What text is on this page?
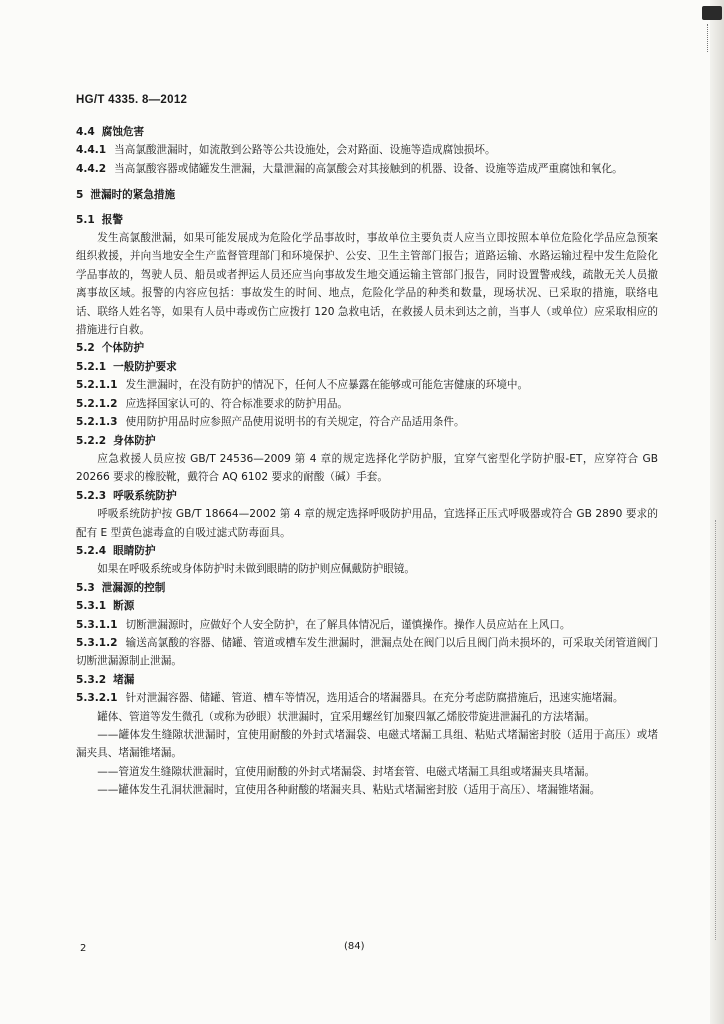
HG/T 4335. 8—2012

4.4 腐蚀危害

4.4.1 当高氯酸泄漏时，如流散到公路等公共设施处，会对路面、设施等造成腐蚀损坏。

4.4.2 当高氯酸容器或储罐发生泄漏，大量泄漏的高氯酸会对其接触到的机器、设备、设施等造成严重腐蚀和氧化。

5 泄漏时的紧急措施

5.1 报警

发生高氯酸泄漏，如果可能发展成为危险化学品事故时，事故单位主要负责人应当立即按照本单位危险化学品应急预案组织救援，并向当地安全生产监督管理部门和环境保护、公安、卫生主管部门报告；道路运输、水路运输过程中发生危险化学品事故的，驾驶人员、船员或者押运人员还应当向事故发生地交通运输主管部门报告，同时设置警戒线，疏散无关人员撤离事故区域。报警的内容应包括：事故发生的时间、地点，危险化学品的种类和数量，现场状况、已采取的措施，联络电话、联络人姓名等，如果有人员中毒或伤亡应拨打 120 急救电话，在救援人员未到达之前，当事人（或单位）应采取相应的措施进行自救。

5.2 个体防护

5.2.1 一般防护要求

5.2.1.1 发生泄漏时，在没有防护的情况下，任何人不应暴露在能够或可能危害健康的环境中。

5.2.1.2 应选择国家认可的、符合标准要求的防护用品。

5.2.1.3 使用防护用品时应参照产品使用说明书的有关规定，符合产品适用条件。

5.2.2 身体防护

应急救援人员应按 GB/T 24536—2009 第 4 章的规定选择化学防护服，宜穿气密型化学防护服-ET，应穿符合 GB 20266 要求的橡胶靴，戴符合 AQ 6102 要求的耐酸（碱）手套。

5.2.3 呼吸系统防护

呼吸系统防护按 GB/T 18664—2002 第 4 章的规定选择呼吸防护用品，宜选择正压式呼吸器或符合 GB 2890 要求的配有 E 型黄色滤毒盒的自吸过滤式防毒面具。

5.2.4 眼睛防护

如果在呼吸系统或身体防护时未做到眼睛的防护则应佩戴防护眼镜。

5.3 泄漏源的控制

5.3.1 断源

5.3.1.1 切断泄漏源时，应做好个人安全防护，在了解具体情况后，谨慎操作。操作人员应站在上风口。

5.3.1.2 输送高氯酸的容器、储罐、管道或槽车发生泄漏时，泄漏点处在阀门以后且阀门尚未损坏的，可采取关闭管道阀门切断泄漏源制止泄漏。

5.3.2 堵漏

5.3.2.1 针对泄漏容器、储罐、管道、槽车等情况，选用适合的堵漏器具。在充分考虑防腐措施后，迅速实施堵漏。

罐体、管道等发生微孔（或称为砂眼）状泄漏时，宜采用螺丝钉加聚四氟乙烯胶带旋进泄漏孔的方法堵漏。

——罐体发生缝隙状泄漏时，宜使用耐酸的外封式堵漏袋、电磁式堵漏工具组、粘贴式堵漏密封胶（适用于高压）或堵漏夹具、堵漏锥堵漏。

——管道发生缝隙状泄漏时，宜使用耐酸的外封式堵漏袋、封堵套管、电磁式堵漏工具组或堵漏夹具堵漏。

——罐体发生孔洞状泄漏时，宜使用各种耐酸的堵漏夹具、粘贴式堵漏密封胶（适用于高压）、堵漏锥堵漏。

2	(84)
